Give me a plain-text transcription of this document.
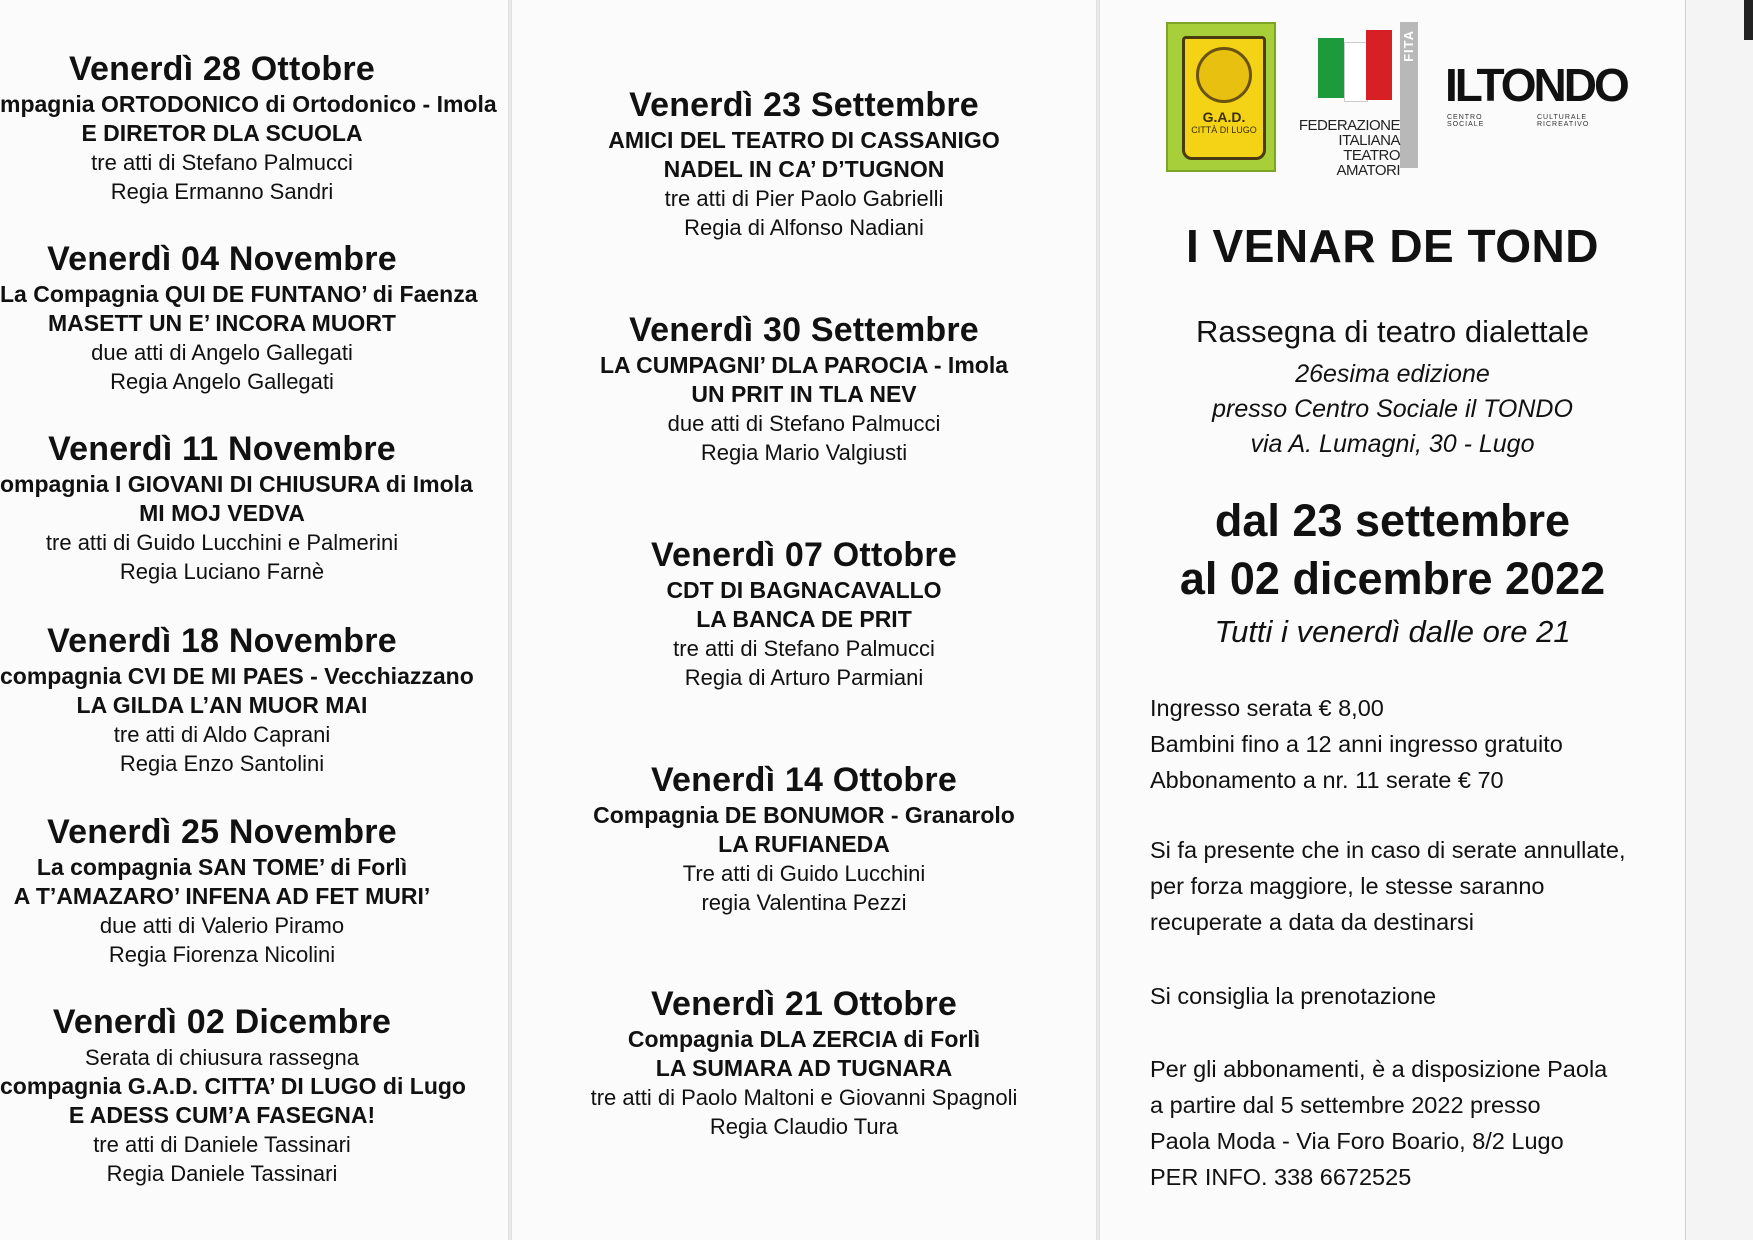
Venerdì 28 Ottobre
mpagnia ORTODONICO di Ortodonico - Imola
E DIRETOR DLA SCUOLA
tre atti di Stefano Palmucci
Regia Ermanno Sandri
Venerdì 04 Novembre
La Compagnia QUI DE FUNTANO’ di Faenza
MASETT UN E’ INCORA MUORT
due atti di Angelo Gallegati
Regia Angelo Gallegati
Venerdì 11 Novembre
ompagnia I GIOVANI DI CHIUSURA di Imola
MI MOJ VEDVA
tre atti di Guido Lucchini e Palmerini
Regia Luciano Farnè
Venerdì 18 Novembre
compagnia CVI DE MI PAES - Vecchiazzano
LA GILDA L’AN MUOR MAI
tre atti di Aldo Caprani
Regia Enzo Santolini
Venerdì 25 Novembre
La compagnia SAN TOME’ di Forlì
A T’AMAZARO’ INFENA AD FET MURI’
due atti di Valerio Piramo
Regia Fiorenza Nicolini
Venerdì 02 Dicembre
Serata di chiusura rassegna
compagnia G.A.D. CITTA’ DI LUGO di Lugo
E ADESS CUM’A FASEGNA!
tre atti di Daniele Tassinari
Regia Daniele Tassinari
Venerdì 23 Settembre
AMICI DEL TEATRO DI CASSANIGO
NADEL IN CA’ D’TUGNON
tre atti di Pier Paolo Gabrielli
Regia di Alfonso Nadiani
Venerdì 30 Settembre
LA CUMPAGNI’ DLA PAROCIA - Imola
UN PRIT IN TLA NEV
due atti di Stefano Palmucci
Regia Mario Valgiusti
Venerdì 07 Ottobre
CDT DI BAGNACAVALLO
LA BANCA DE PRIT
tre atti di Stefano Palmucci
Regia di Arturo Parmiani
Venerdì 14 Ottobre
Compagnia DE BONUMOR - Granarolo
LA RUFIANEDA
Tre atti di Guido Lucchini
regia Valentina Pezzi
Venerdì 21 Ottobre
Compagnia DLA ZERCIA di Forlì
LA SUMARA AD TUGNARA
tre atti di Paolo Maltoni e Giovanni Spagnoli
Regia Claudio Tura
G.A.D.
CITTÀ DI LUGO
FITA
FEDERAZIONE
ITALIANA
TEATRO
AMATORI
ILTONDO
CENTRO SOCIALE
CULTURALE RICREATIVO
I VENAR DE TOND
Rassegna di teatro dialettale
26esima edizione
presso Centro Sociale il TONDO
via A. Lumagni, 30 - Lugo
dal 23 settembre
al 02 dicembre 2022
Tutti i venerdì dalle ore 21
Ingresso serata € 8,00
Bambini fino a 12 anni ingresso gratuito
Abbonamento a nr. 11 serate € 70
Si fa presente che in caso di serate annullate,
per forza maggiore, le stesse saranno
recuperate a data da destinarsi
Si consiglia la prenotazione
Per gli abbonamenti, è a disposizione Paola
a partire dal 5 settembre 2022 presso
Paola Moda - Via Foro Boario, 8/2 Lugo
PER INFO. 338 6672525
